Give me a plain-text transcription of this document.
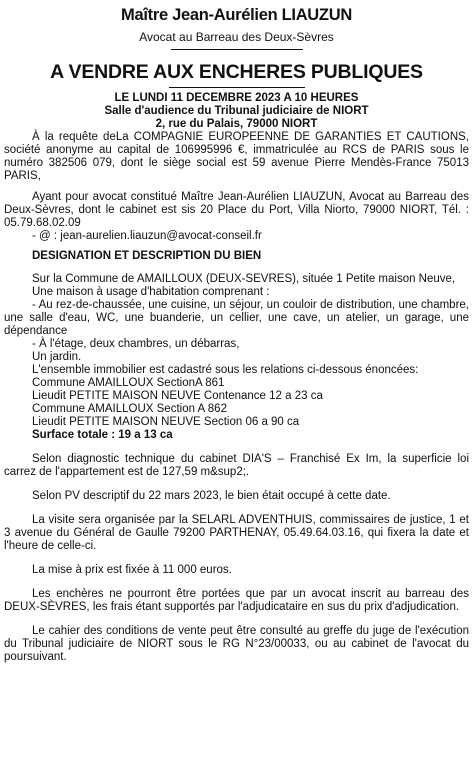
Maître Jean-Aurélien LIAUZUN
Avocat au Barreau des Deux-Sèvres
A VENDRE AUX ENCHERES PUBLIQUES
LE LUNDI 11 DECEMBRE 2023 A 10 HEURES
Salle d'audience du Tribunal judiciaire de NIORT
2, rue du Palais, 79000 NIORT

À la requête deLa COMPAGNIE EUROPEENNE DE GARANTIES ET CAUTIONS, société anonyme au capital de 106995996 €, immatriculée au RCS de PARIS sous le numéro 382506 079, dont le siège social est 59 avenue Pierre Mendès-France 75013 PARIS,

Ayant pour avocat constitué Maître Jean-Aurélien LIAUZUN, Avocat au Barreau des Deux-Sèvres, dont le cabinet est sis 20 Place du Port, Villa Niorto, 79000 NIORT, Tél. : 05.79.68.02.09

- @ : jean-aurelien.liauzun@avocat-conseil.fr

DESIGNATION ET DESCRIPTION DU BIEN

Sur la Commune de AMAILLOUX (DEUX-SEVRES), située 1 Petite maison Neuve,

Une maison à usage d'habitation comprenant :

- Au rez-de-chaussée, une cuisine, un séjour, un couloir de distribution, une chambre, une salle d'eau, WC, une buanderie, un cellier, une cave, un atelier, un garage, une dépendance

- À l'étage, deux chambres, un débarras,

Un jardin.

L'ensemble immobilier est cadastré sous les relations ci-dessous énoncées:

Commune AMAILLOUX SectionA 861

Lieudit PETITE MAISON NEUVE Contenance 12 a 23 ca

Commune AMAILLOUX Section A 862

Lieudit PETITE MAISON NEUVE Section 06 a 90 ca

Surface totale : 19 a 13 ca

Selon diagnostic technique du cabinet DIA'S – Franchisé Ex Im, la superficie loi carrez de l'appartement est de 127,59 m&sup2;.

Selon PV descriptif du 22 mars 2023, le bien était occupé à cette date.

La visite sera organisée par la SELARL ADVENTHUIS, commissaires de justice, 1 et 3 avenue du Général de Gaulle 79200 PARTHENAY, 05.49.64.03.16, qui fixera la date et l'heure de celle-ci.

La mise à prix est fixée à 11 000 euros.

Les enchères ne pourront être portées que par un avocat inscrit au barreau des DEUX-SÈVRES, les frais étant supportés par l'adjudicataire en sus du prix d'adjudication.

Le cahier des conditions de vente peut être consulté au greffe du juge de l'exécution du Tribunal judiciaire de NIORT sous le RG N°23/00033, ou au cabinet de l'avocat du poursuivant.
